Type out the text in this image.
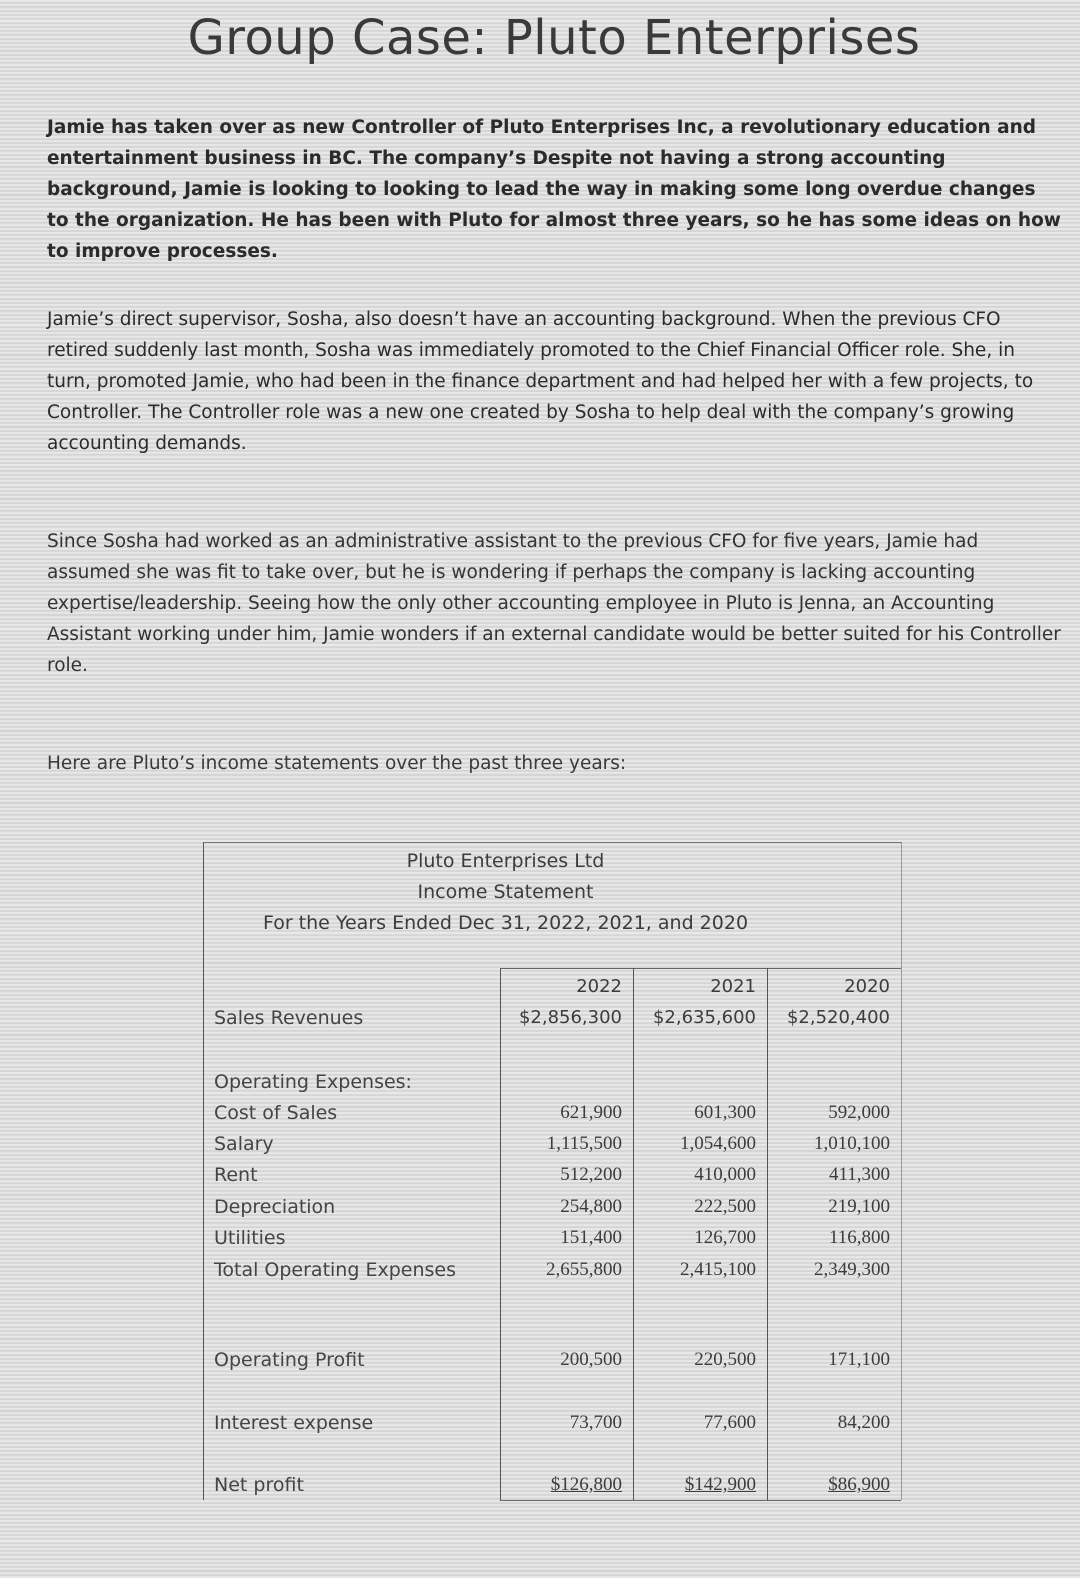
Group Case: Pluto Enterprises
Jamie has taken over as new Controller of Pluto Enterprises Inc, a revolutionary education and entertainment business in BC. The company’s Despite not having a strong accounting background, Jamie is looking to looking to lead the way in making some long overdue changes to the organization. He has been with Pluto for almost three years, so he has some ideas on how to improve processes.
Jamie’s direct supervisor, Sosha, also doesn’t have an accounting background. When the previous CFO retired suddenly last month, Sosha was immediately promoted to the Chief Financial Officer role. She, in turn, promoted Jamie, who had been in the finance department and had helped her with a few projects, to Controller. The Controller role was a new one created by Sosha to help deal with the company’s growing accounting demands.
Since Sosha had worked as an administrative assistant to the previous CFO for five years, Jamie had assumed she was fit to take over, but he is wondering if perhaps the company is lacking accounting expertise/leadership. Seeing how the only other accounting employee in Pluto is Jenna, an Accounting Assistant working under him, Jamie wonders if an external candidate would be better suited for his Controller role.
Here are Pluto’s income statements over the past three years:
Pluto Enterprises Ltd
Income Statement
For the Years Ended Dec 31, 2022, 2021, and 2020
2022	2021	2020
Sales Revenues	$2,856,300	$2,635,600	$2,520,400
Operating Expenses:
Cost of Sales	621,900	601,300	592,000
Salary	1,115,500	1,054,600	1,010,100
Rent	512,200	410,000	411,300
Depreciation	254,800	222,500	219,100
Utilities	151,400	126,700	116,800
Total Operating Expenses	2,655,800	2,415,100	2,349,300
Operating Profit	200,500	220,500	171,100
Interest expense	73,700	77,600	84,200
Net profit	$126,800	$142,900	$86,900
